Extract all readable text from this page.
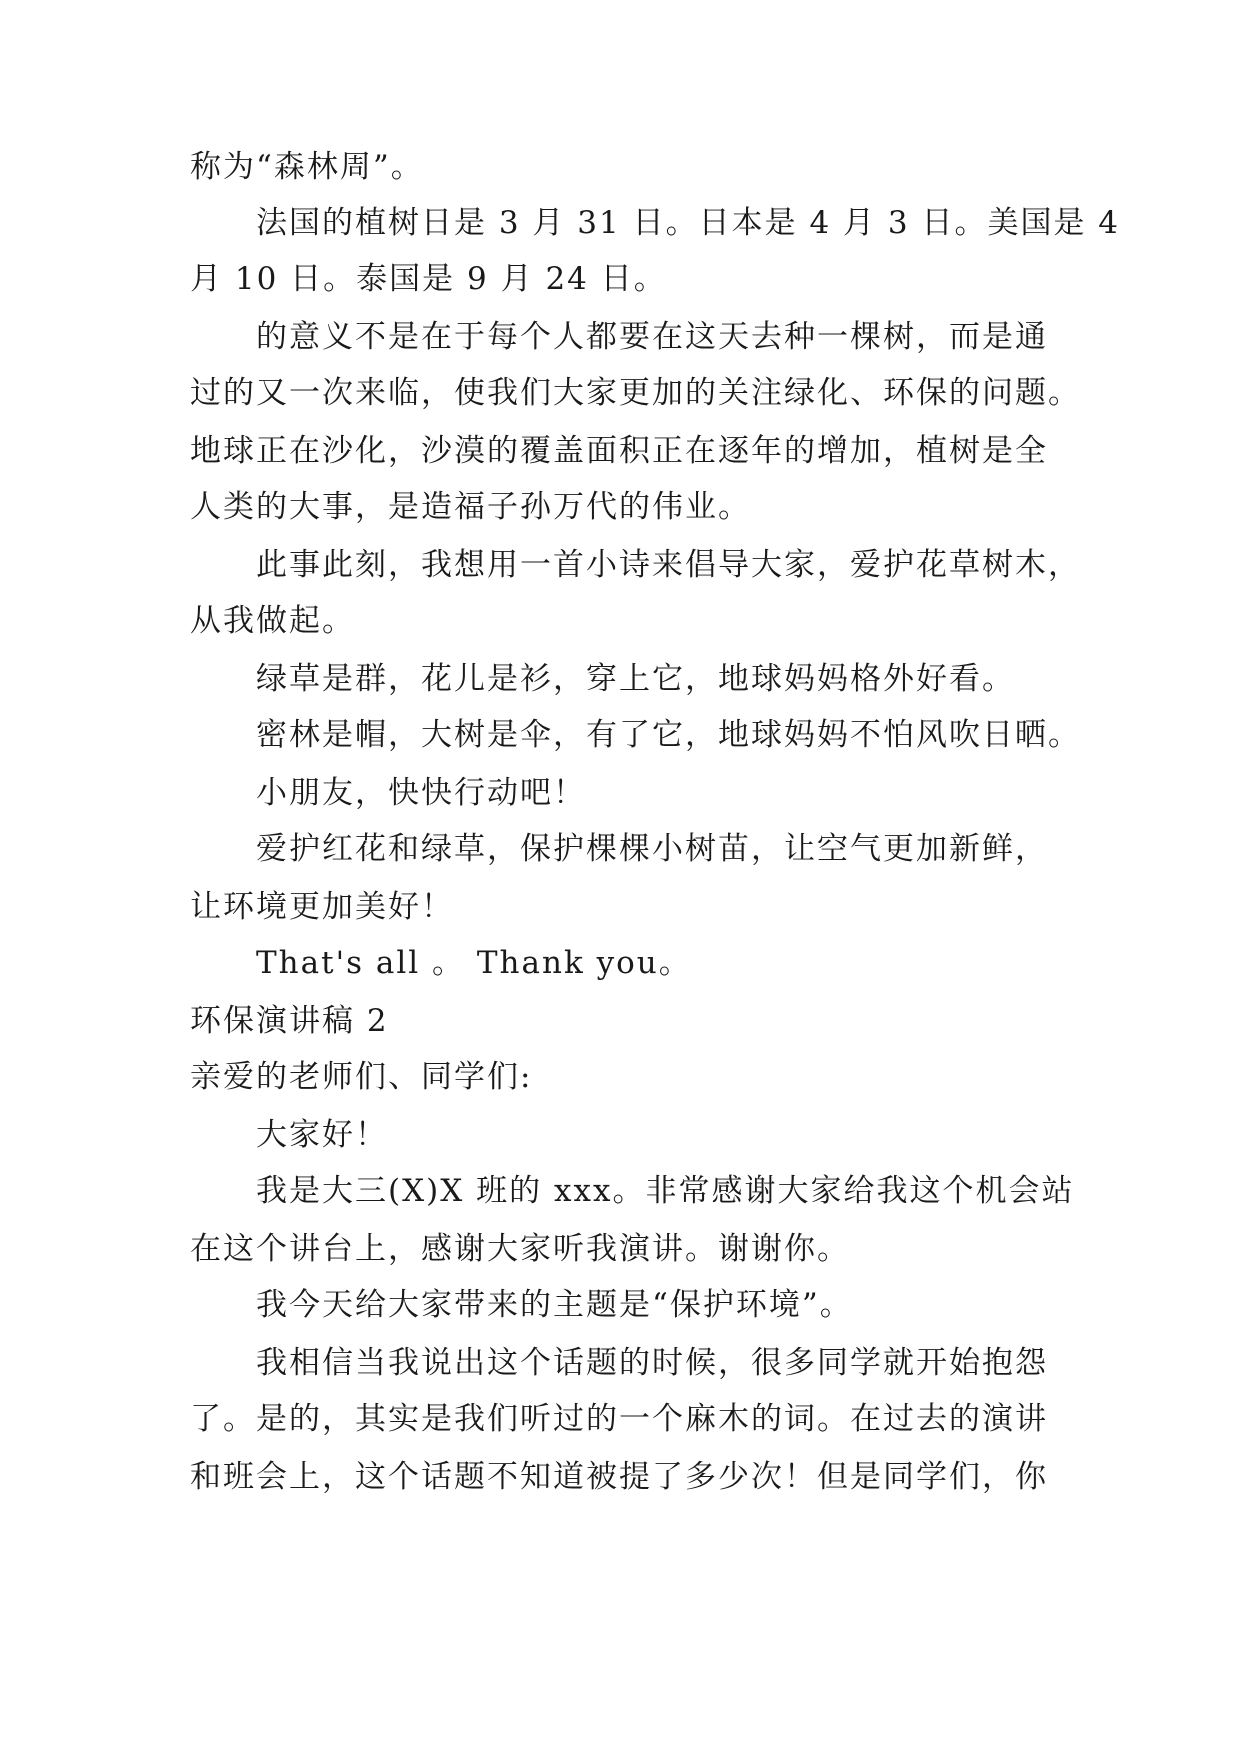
称为“森林周”。

法国的植树日是 3 月 31 日。日本是 4 月 3 日。美国是 4

月 10 日。泰国是 9 月 24 日。

的意义不是在于每个人都要在这天去种一棵树，而是通

过的又一次来临，使我们大家更加的关注绿化、环保的问题。

地球正在沙化，沙漠的覆盖面积正在逐年的增加，植树是全

人类的大事，是造福子孙万代的伟业。

此事此刻，我想用一首小诗来倡导大家，爱护花草树木，

从我做起。

绿草是群，花儿是衫，穿上它，地球妈妈格外好看。

密林是帽，大树是伞，有了它，地球妈妈不怕风吹日晒。

小朋友，快快行动吧！

爱护红花和绿草，保护棵棵小树苗，让空气更加新鲜，

让环境更加美好！

That's all 。 Thank you。

环保演讲稿 2

亲爱的老师们、同学们:

大家好！

我是大三(X)X 班的 xxx。非常感谢大家给我这个机会站

在这个讲台上，感谢大家听我演讲。谢谢你。

我今天给大家带来的主题是“保护环境”。

我相信当我说出这个话题的时候，很多同学就开始抱怨

了。是的，其实是我们听过的一个麻木的词。在过去的演讲

和班会上，这个话题不知道被提了多少次！但是同学们，你
